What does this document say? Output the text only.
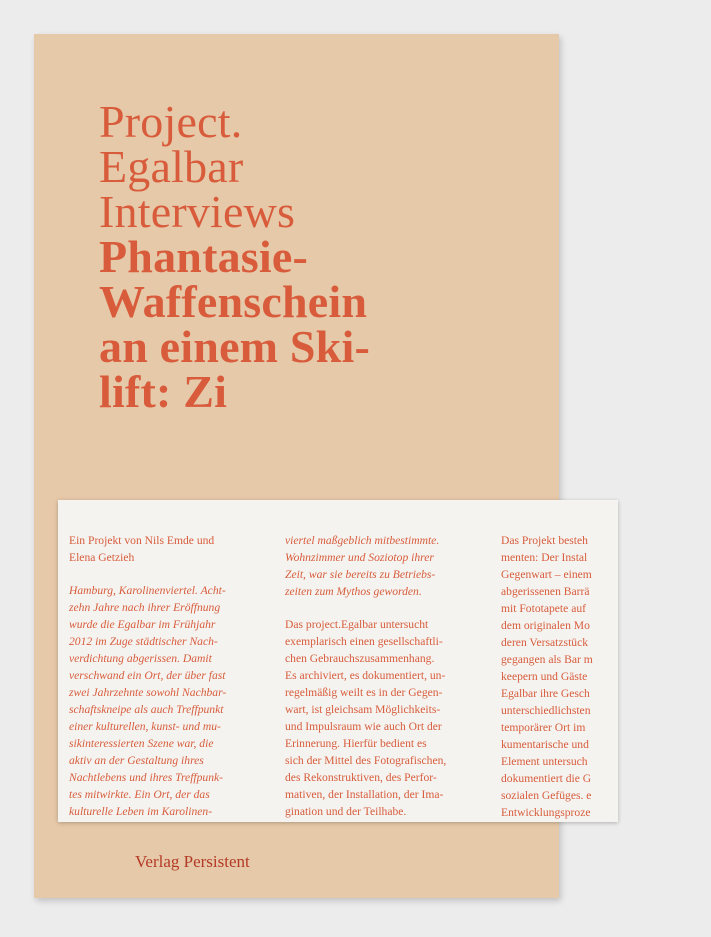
Project.
Egalbar
Interviews
Phantasie-
Waffenschein
an einem Ski-
lift: Zi

Ein Projekt von Nils Emde und
Elena Getzieh

Hamburg, Karolinenviertel. Acht-
zehn Jahre nach ihrer Eröffnung
wurde die Egalbar im Frühjahr
2012 im Zuge städtischer Nach-
verdichtung abgerissen. Damit
verschwand ein Ort, der über fast
zwei Jahrzehnte sowohl Nachbar-
schaftskneipe als auch Treffpunkt
einer kulturellen, kunst- und mu-
sikinteressierten Szene war, die
aktiv an der Gestaltung ihres
Nachtlebens und ihres Treffpunk-
tes mitwirkte. Ein Ort, der das
kulturelle Leben im Karolinen-

viertel maßgeblich mitbestimmte.
Wohnzimmer und Soziotop ihrer
Zeit, war sie bereits zu Betriebs-
zeiten zum Mythos geworden.

Das project.Egalbar untersucht
exemplarisch einen gesellschaftli-
chen Gebrauchszusammenhang.
Es archiviert, es dokumentiert, un-
regelmäßig weilt es in der Gegen-
wart, ist gleichsam Möglichkeits-
und Impulsraum wie auch Ort der
Erinnerung. Hierfür bedient es
sich der Mittel des Fotografischen,
des Rekonstruktiven, des Perfor-
mativen, der Installation, der Ima-
gination und der Teilhabe.

Das Projekt besteh
menten: Der Instal
Gegenwart – einem
abgerissenen Barrä
mit Fototapete auf
dem originalen Mo
deren Versatzstück
gegangen als Bar m
keepern und Gäste
Egalbar ihre Gesch
unterschiedlichsten
temporärer Ort im
kumentarische und
Element untersuch
dokumentiert die G
sozialen Gefüges. e
Entwicklungsproze

Verlag Persistent
